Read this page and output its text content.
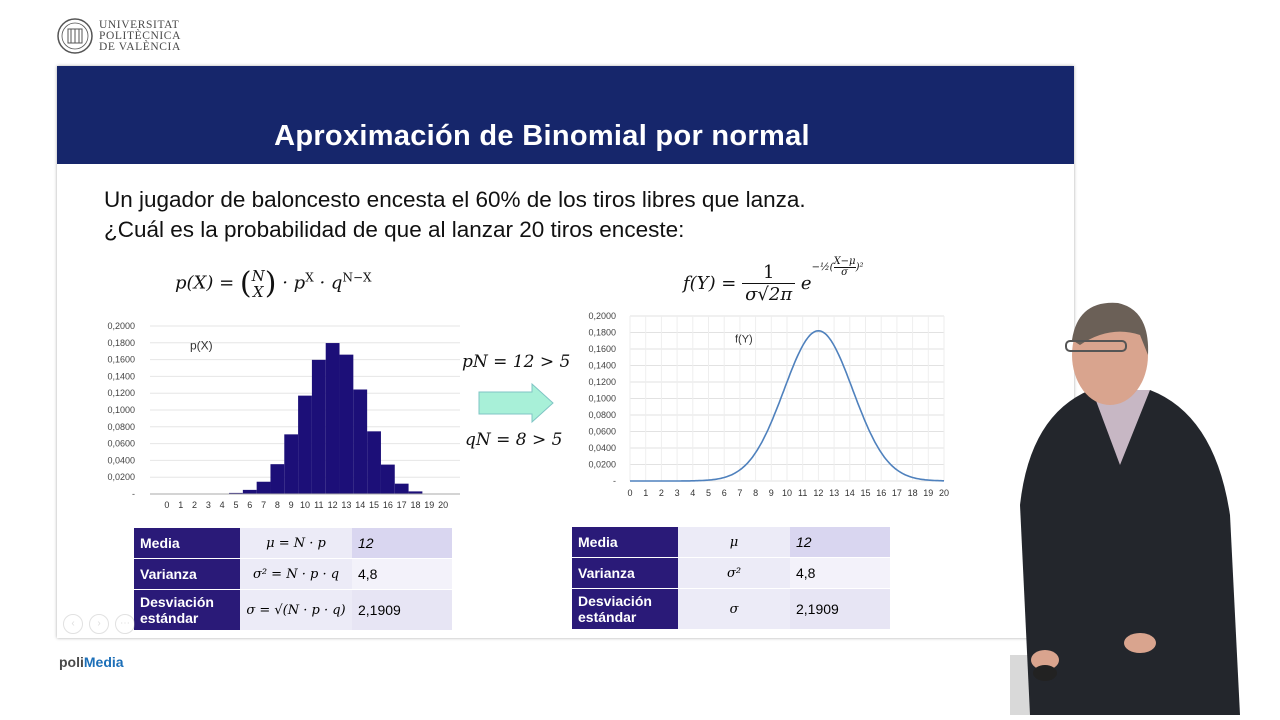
UNIVERSITAT
POLITÈCNICA
DE VALÈNCIA
Aproximación de Binomial por normal
Un jugador de baloncesto encesta el 60% de los tiros libres que lanza.
¿Cuál es la probabilidad de que al lanzar 20 tiros enceste:
p(X) = (N
$X) \cdot p^X \cdot q^{N-X}$	$f(Y) = \frac{1}{\sigma√2\pi} e^{-\frac{1}{2}( \frac{X-\mu}{\sigma} )^2}$
-
0,0200
0,0400
0,0600
0,0800
0,1000
0,1200
0,1400
0,1600
0,1800
0,2000
0 1 2 3 4 5 6 7 8 9 10 11 12 13 14 15 16 17 18 19 20
p(X)
pN = 12 > 5
qN = 8 > 5
-
0,0200
0,0400
0,0600
0,0800
0,1000
0,1200
0,1400
0,1600
0,1800
0,2000
0 1 2 3 4 5 6 7 8 9 10 11 12 13 14 15 16 17 18 19 20
f(Y)
Media	μ = N · p	12
Varianza	σ² = N · p · q	4,8
Desviación estándar	σ = √(N · p · q)	2,1909
Media	μ	12
Varianza	σ²	4,8
Desviación estándar	σ	2,1909
‹	›	⋯
poliMedia
